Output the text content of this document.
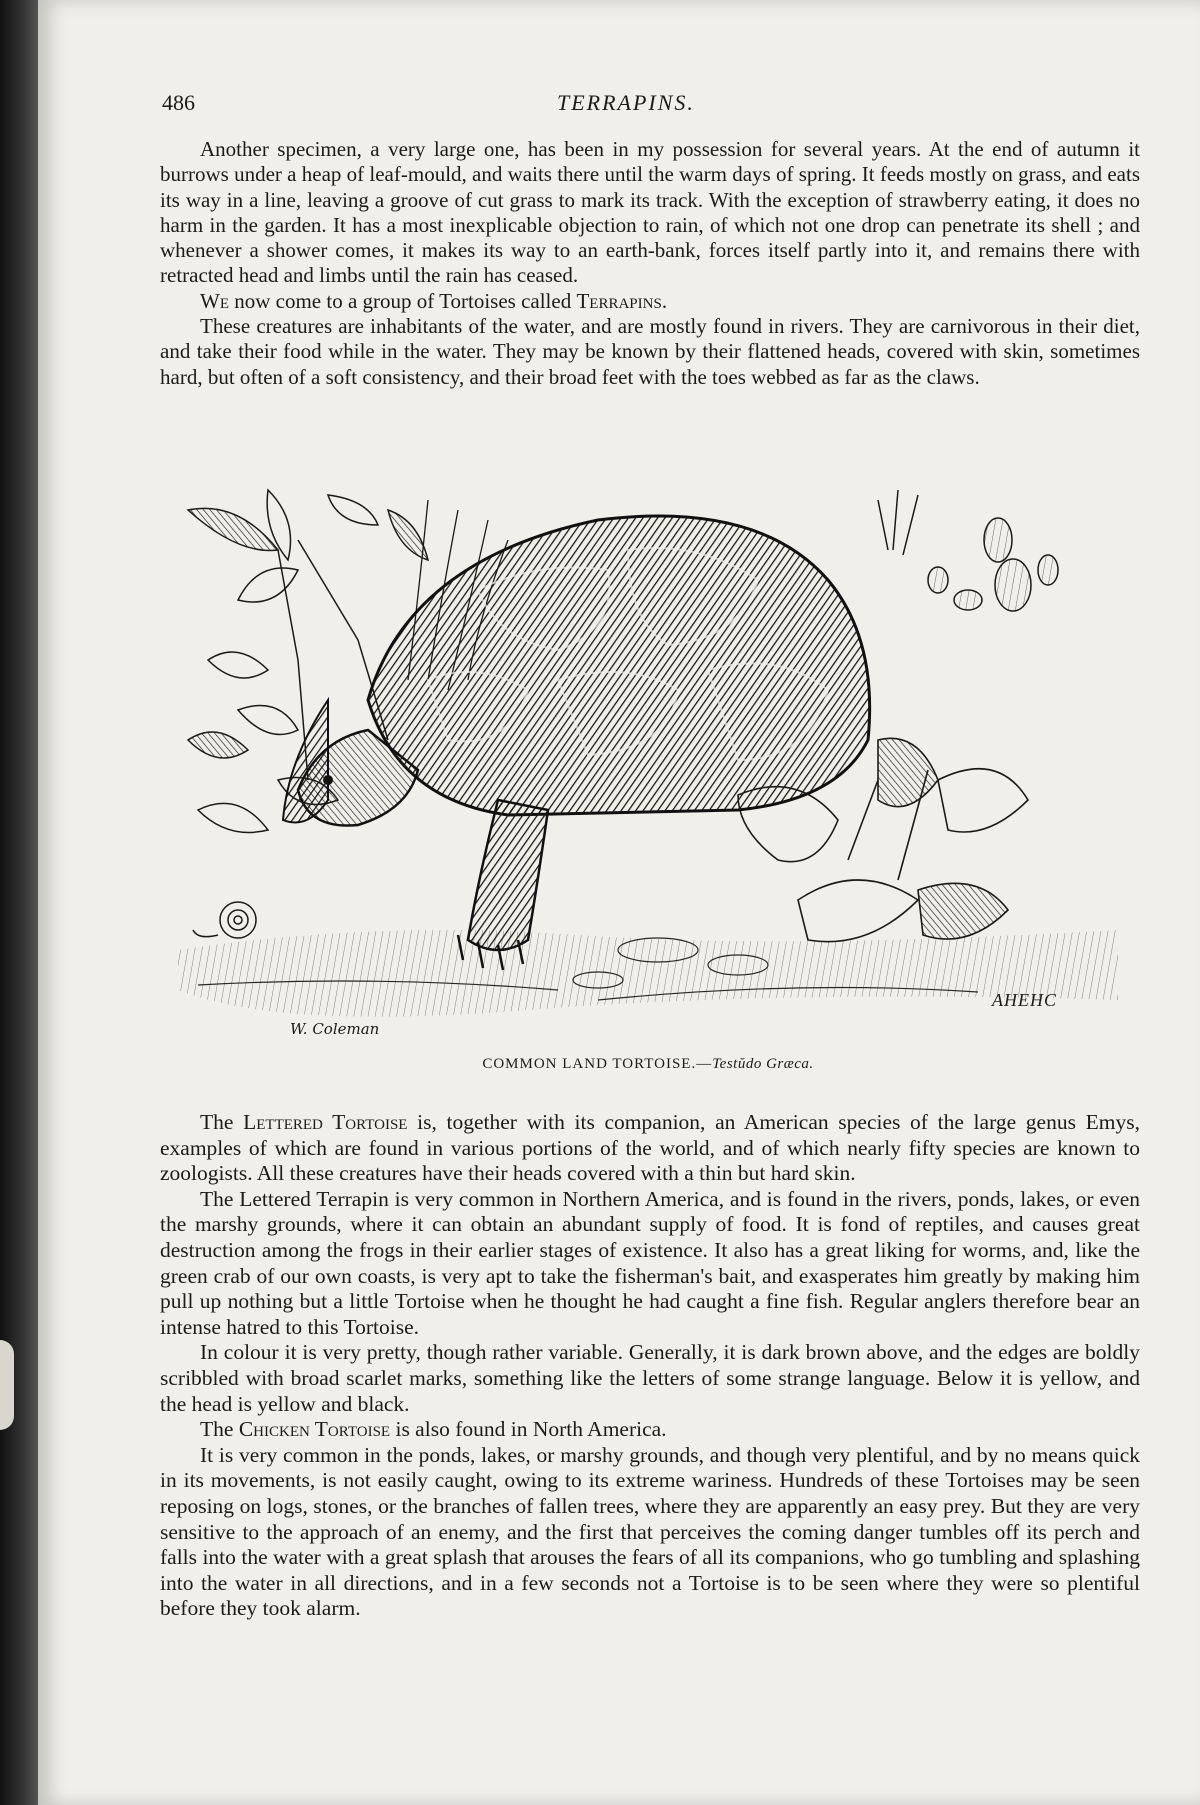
486	TERRAPINS.

Another specimen, a very large one, has been in my possession for several years. At the end of autumn it burrows under a heap of leaf-mould, and waits there until the warm days of spring. It feeds mostly on grass, and eats its way in a line, leaving a groove of cut grass to mark its track. With the exception of strawberry eating, it does no harm in the garden. It has a most inexplicable objection to rain, of which not one drop can penetrate its shell ; and whenever a shower comes, it makes its way to an earth-bank, forces itself partly into it, and remains there with retracted head and limbs until the rain has ceased.

We now come to a group of Tortoises called Terrapins.

These creatures are inhabitants of the water, and are mostly found in rivers. They are carnivorous in their diet, and take their food while in the water. They may be known by their flattened heads, covered with skin, sometimes hard, but often of a soft consistency, and their broad feet with the toes webbed as far as the claws.

W. Coleman
AHEHC
COMMON LAND TORTOISE.—Testŭdo Græca.

The Lettered Tortoise is, together with its companion, an American species of the large genus Emys, examples of which are found in various portions of the world, and of which nearly fifty species are known to zoologists. All these creatures have their heads covered with a thin but hard skin.

The Lettered Terrapin is very common in Northern America, and is found in the rivers, ponds, lakes, or even the marshy grounds, where it can obtain an abundant supply of food. It is fond of reptiles, and causes great destruction among the frogs in their earlier stages of existence. It also has a great liking for worms, and, like the green crab of our own coasts, is very apt to take the fisherman's bait, and exasperates him greatly by making him pull up nothing but a little Tortoise when he thought he had caught a fine fish. Regular anglers therefore bear an intense hatred to this Tortoise.

In colour it is very pretty, though rather variable. Generally, it is dark brown above, and the edges are boldly scribbled with broad scarlet marks, something like the letters of some strange language. Below it is yellow, and the head is yellow and black.

The Chicken Tortoise is also found in North America.

It is very common in the ponds, lakes, or marshy grounds, and though very plentiful, and by no means quick in its movements, is not easily caught, owing to its extreme wariness. Hundreds of these Tortoises may be seen reposing on logs, stones, or the branches of fallen trees, where they are apparently an easy prey. But they are very sensitive to the approach of an enemy, and the first that perceives the coming danger tumbles off its perch and falls into the water with a great splash that arouses the fears of all its companions, who go tumbling and splashing into the water in all directions, and in a few seconds not a Tortoise is to be seen where they were so plentiful before they took alarm.
